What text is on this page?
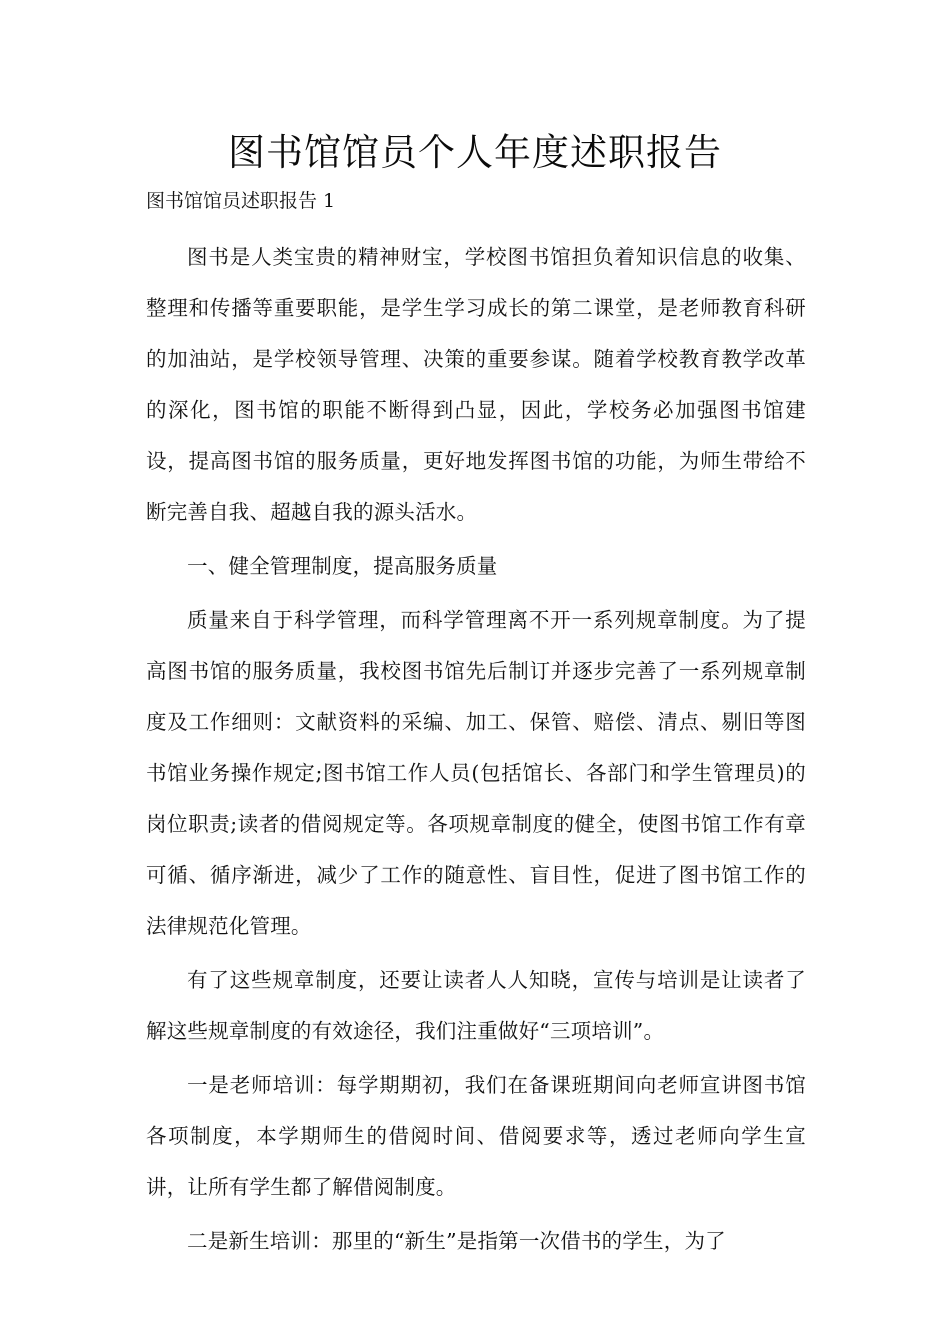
图书馆馆员个人年度述职报告

图书馆馆员述职报告 1

图书是人类宝贵的精神财宝，学校图书馆担负着知识信息的收集、整理和传播等重要职能，是学生学习成长的第二课堂，是老师教育科研的加油站，是学校领导管理、决策的重要参谋。随着学校教育教学改革的深化，图书馆的职能不断得到凸显，因此，学校务必加强图书馆建设，提高图书馆的服务质量，更好地发挥图书馆的功能，为师生带给不断完善自我、超越自我的源头活水。

一、健全管理制度，提高服务质量

质量来自于科学管理，而科学管理离不开一系列规章制度。为了提高图书馆的服务质量，我校图书馆先后制订并逐步完善了一系列规章制度及工作细则：文献资料的采编、加工、保管、赔偿、清点、剔旧等图书馆业务操作规定;图书馆工作人员(包括馆长、各部门和学生管理员)的岗位职责;读者的借阅规定等。各项规章制度的健全，使图书馆工作有章可循、循序渐进，减少了工作的随意性、盲目性，促进了图书馆工作的法律规范化管理。

有了这些规章制度，还要让读者人人知晓，宣传与培训是让读者了解这些规章制度的有效途径，我们注重做好“三项培训”。

一是老师培训：每学期期初，我们在备课班期间向老师宣讲图书馆各项制度，本学期师生的借阅时间、借阅要求等，透过老师向学生宣讲，让所有学生都了解借阅制度。

二是新生培训：那里的“新生”是指第一次借书的学生，为了
